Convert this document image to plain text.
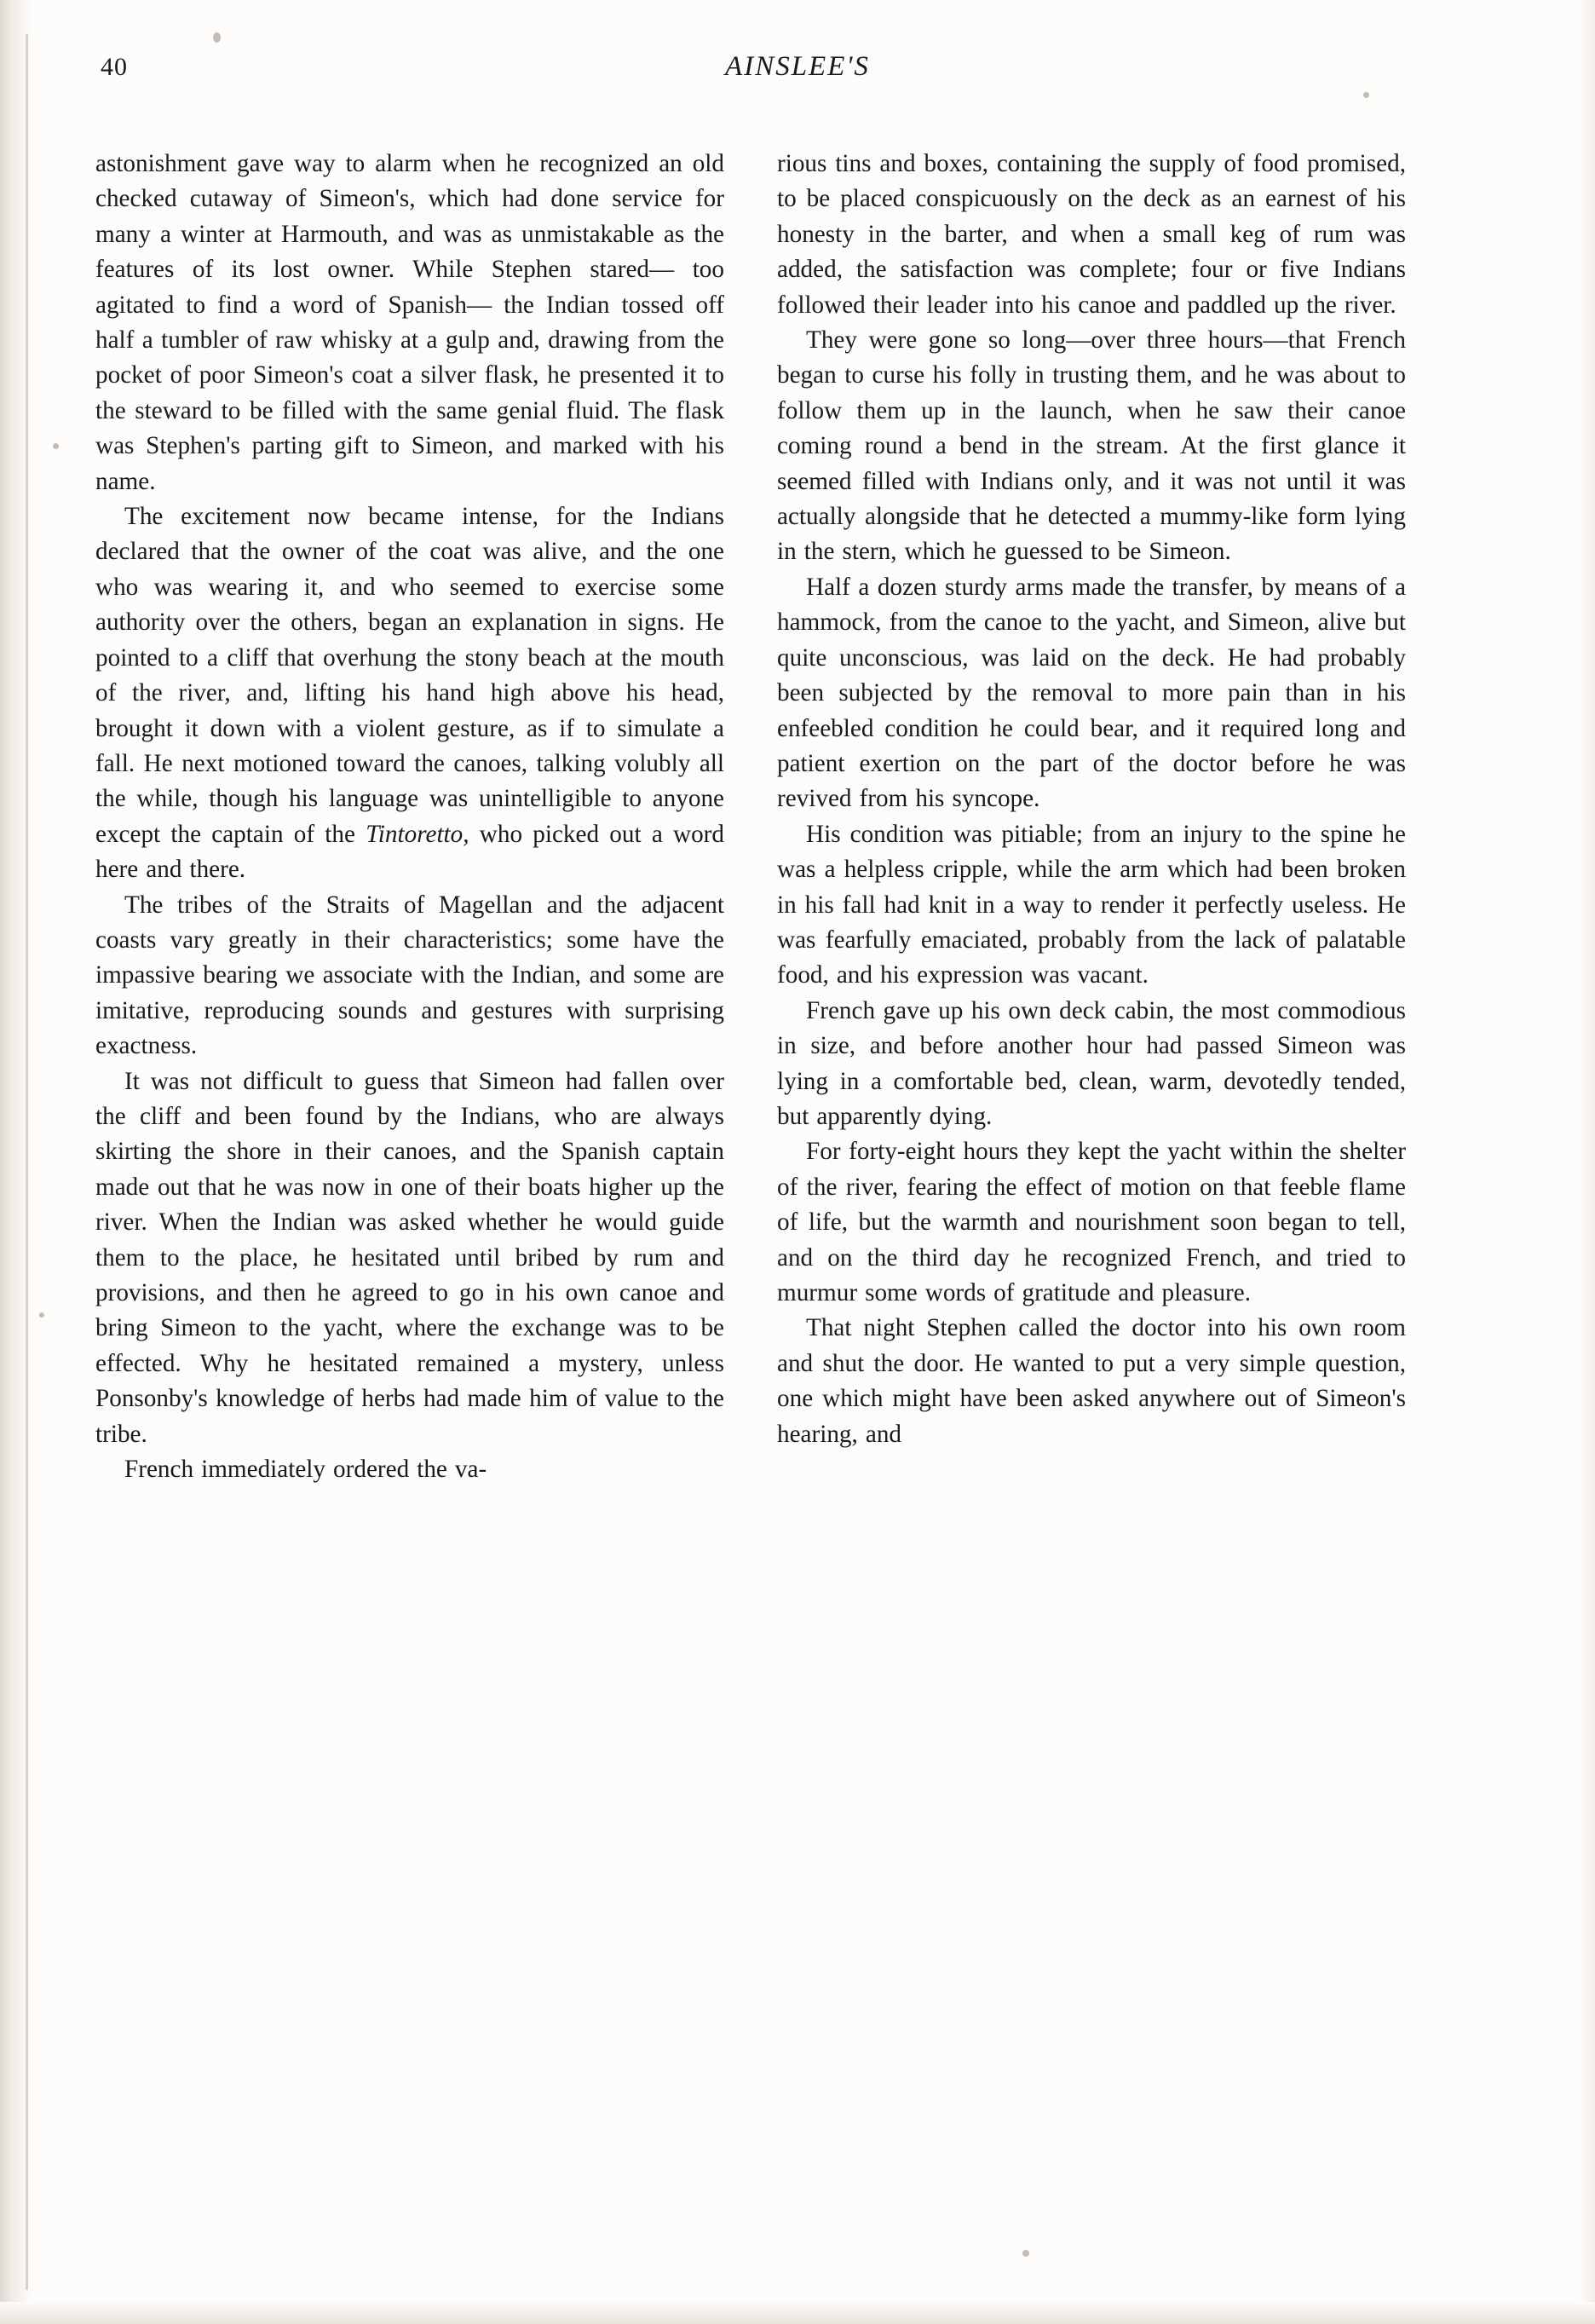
40	AINSLEE'S

astonishment gave way to alarm when he recognized an old checked cutaway of Simeon's, which had done service for many a winter at Harmouth, and was as unmistakable as the features of its lost owner. While Stephen stared— too agitated to find a word of Spanish— the Indian tossed off half a tumbler of raw whisky at a gulp and, drawing from the pocket of poor Simeon's coat a silver flask, he presented it to the steward to be filled with the same genial fluid. The flask was Stephen's parting gift to Simeon, and marked with his name.

The excitement now became intense, for the Indians declared that the owner of the coat was alive, and the one who was wearing it, and who seemed to exercise some authority over the others, began an explanation in signs. He pointed to a cliff that overhung the stony beach at the mouth of the river, and, lifting his hand high above his head, brought it down with a violent gesture, as if to simulate a fall. He next motioned toward the canoes, talking volubly all the while, though his language was unintelligible to anyone except the captain of the Tintoretto, who picked out a word here and there.

The tribes of the Straits of Magellan and the adjacent coasts vary greatly in their characteristics; some have the impassive bearing we associate with the Indian, and some are imitative, reproducing sounds and gestures with surprising exactness.

It was not difficult to guess that Simeon had fallen over the cliff and been found by the Indians, who are always skirting the shore in their canoes, and the Spanish captain made out that he was now in one of their boats higher up the river. When the Indian was asked whether he would guide them to the place, he hesitated until bribed by rum and provisions, and then he agreed to go in his own canoe and bring Simeon to the yacht, where the exchange was to be effected. Why he hesitated remained a mystery, unless Ponsonby's knowledge of herbs had made him of value to the tribe.

French immediately ordered the va-

rious tins and boxes, containing the supply of food promised, to be placed conspicuously on the deck as an earnest of his honesty in the barter, and when a small keg of rum was added, the satisfaction was complete; four or five Indians followed their leader into his canoe and paddled up the river.

They were gone so long—over three hours—that French began to curse his folly in trusting them, and he was about to follow them up in the launch, when he saw their canoe coming round a bend in the stream. At the first glance it seemed filled with Indians only, and it was not until it was actually alongside that he detected a mummy-like form lying in the stern, which he guessed to be Simeon.

Half a dozen sturdy arms made the transfer, by means of a hammock, from the canoe to the yacht, and Simeon, alive but quite unconscious, was laid on the deck. He had probably been subjected by the removal to more pain than in his enfeebled condition he could bear, and it required long and patient exertion on the part of the doctor before he was revived from his syncope.

His condition was pitiable; from an injury to the spine he was a helpless cripple, while the arm which had been broken in his fall had knit in a way to render it perfectly useless. He was fearfully emaciated, probably from the lack of palatable food, and his expression was vacant.

French gave up his own deck cabin, the most commodious in size, and before another hour had passed Simeon was lying in a comfortable bed, clean, warm, devotedly tended, but apparently dying.

For forty-eight hours they kept the yacht within the shelter of the river, fearing the effect of motion on that feeble flame of life, but the warmth and nourishment soon began to tell, and on the third day he recognized French, and tried to murmur some words of gratitude and pleasure.

That night Stephen called the doctor into his own room and shut the door. He wanted to put a very simple question, one which might have been asked anywhere out of Simeon's hearing, and
